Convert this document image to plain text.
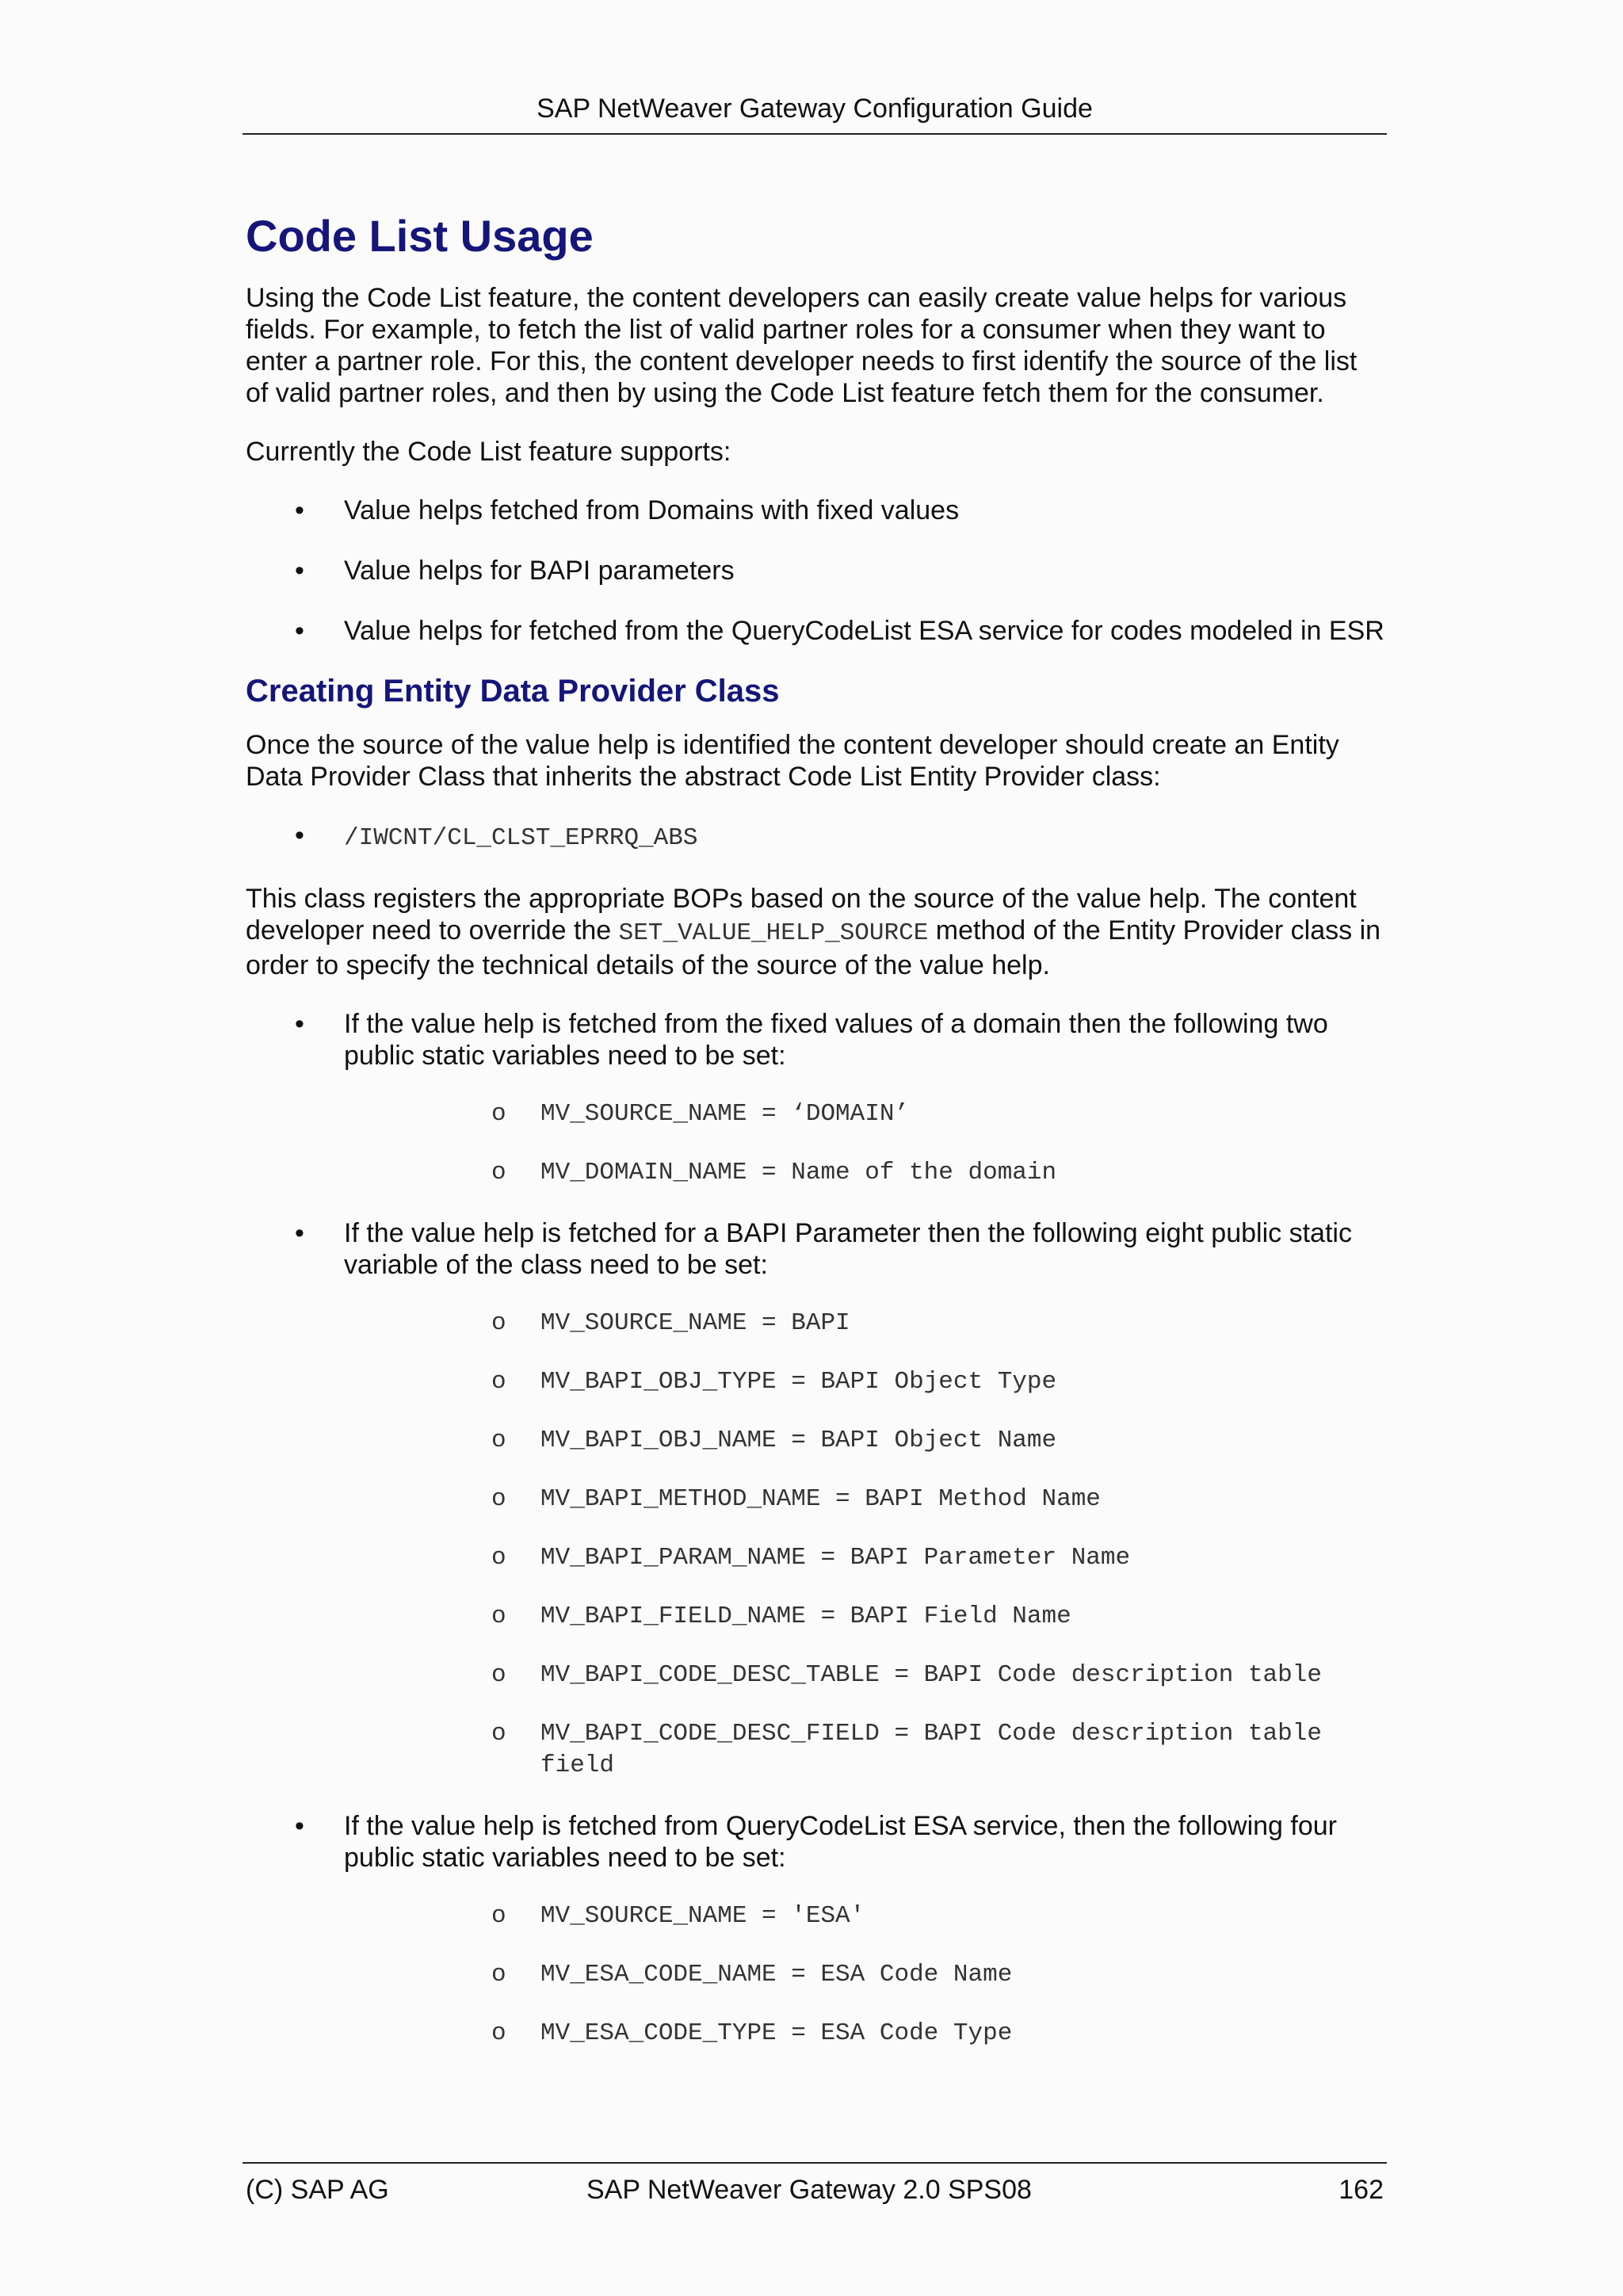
SAP NetWeaver Gateway Configuration Guide
Code List Usage

Using the Code List feature, the content developers can easily create value helps for various fields. For example, to fetch the list of valid partner roles for a consumer when they want to enter a partner role. For this, the content developer needs to first identify the source of the list of valid partner roles, and then by using the Code List feature fetch them for the consumer.

Currently the Code List feature supports:

• Value helps fetched from Domains with fixed values
• Value helps for BAPI parameters
• Value helps for fetched from the QueryCodeList ESA service for codes modeled in ESR
Creating Entity Data Provider Class

Once the source of the value help is identified the content developer should create an Entity Data Provider Class that inherits the abstract Code List Entity Provider class:

• /IWCNT/CL_CLST_EPRRQ_ABS

This class registers the appropriate BOPs based on the source of the value help. The content developer need to override the SET_VALUE_HELP_SOURCE method of the Entity Provider class in order to specify the technical details of the source of the value help.

• If the value help is fetched from the fixed values of a domain then the following two public static variables need to be set:
o MV_SOURCE_NAME = ‘DOMAIN’
o MV_DOMAIN_NAME = Name of the domain
• If the value help is fetched for a BAPI Parameter then the following eight public static variable of the class need to be set:
o MV_SOURCE_NAME = BAPI
o MV_BAPI_OBJ_TYPE = BAPI Object Type
o MV_BAPI_OBJ_NAME = BAPI Object Name
o MV_BAPI_METHOD_NAME = BAPI Method Name
o MV_BAPI_PARAM_NAME = BAPI Parameter Name
o MV_BAPI_FIELD_NAME = BAPI Field Name
o MV_BAPI_CODE_DESC_TABLE = BAPI Code description table
o MV_BAPI_CODE_DESC_FIELD = BAPI Code description table field
• If the value help is fetched from QueryCodeList ESA service, then the following four public static variables need to be set:
o MV_SOURCE_NAME = 'ESA'
o MV_ESA_CODE_NAME = ESA Code Name
o MV_ESA_CODE_TYPE = ESA Code Type
(C) SAP AG	SAP NetWeaver Gateway 2.0 SPS08	162
